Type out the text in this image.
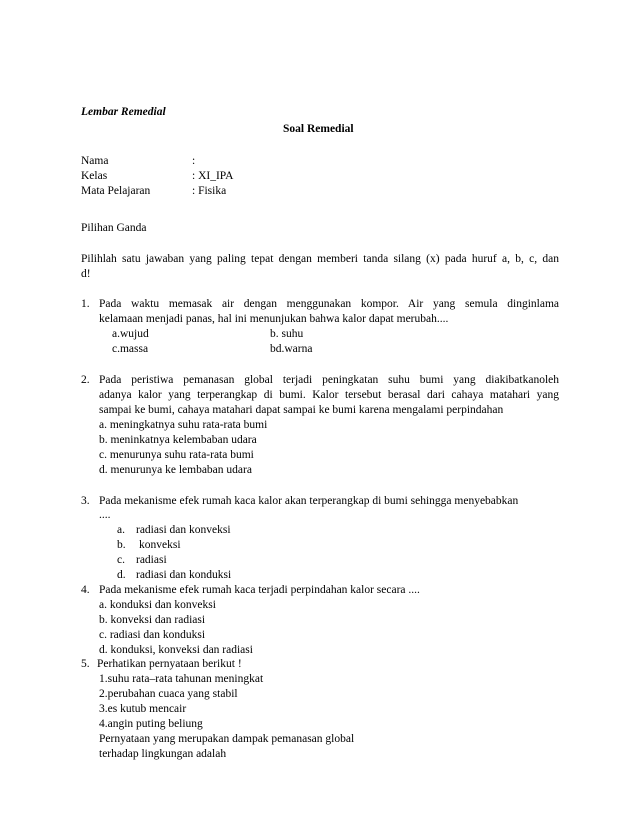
Lembar Remedial
Soal Remedial
Nama	:
Kelas	: XI_IPA
Mata Pelajaran	: Fisika
Pilihan Ganda
Pilihlah satu jawaban yang paling tepat dengan memberi tanda silang (x) pada huruf a, b, c, dan
d!
1. Pada waktu memasak air dengan menggunakan kompor. Air yang semula dinginlama
kelamaan menjadi panas, hal ini menunjukan bahwa kalor dapat merubah....
a.wujud	b. suhu
c.massa	bd.warna
2. Pada peristiwa pemanasan global terjadi peningkatan suhu bumi yang diakibatkanoleh
adanya kalor yang terperangkap di bumi. Kalor tersebut berasal dari cahaya matahari yang
sampai ke bumi, cahaya matahari dapat sampai ke bumi karena mengalami perpindahan
a. meningkatnya suhu rata-rata bumi
b. meninkatnya kelembaban udara
c. menurunya suhu rata-rata bumi
d. menurunya ke lembaban udara
3. Pada mekanisme efek rumah kaca kalor akan terperangkap di bumi sehingga menyebabkan
....
a. radiasi dan konveksi
b. konveksi
c. radiasi
d. radiasi dan konduksi
4. Pada mekanisme efek rumah kaca terjadi perpindahan kalor secara ....
a. konduksi dan konveksi
b. konveksi dan radiasi
c. radiasi dan konduksi
d. konduksi, konveksi dan radiasi
5. Perhatikan pernyataan berikut !
1.suhu rata–rata tahunan meningkat
2.perubahan cuaca yang stabil
3.es kutub mencair
4.angin puting beliung
Pernyataan yang merupakan dampak pemanasan global
terhadap lingkungan adalah
